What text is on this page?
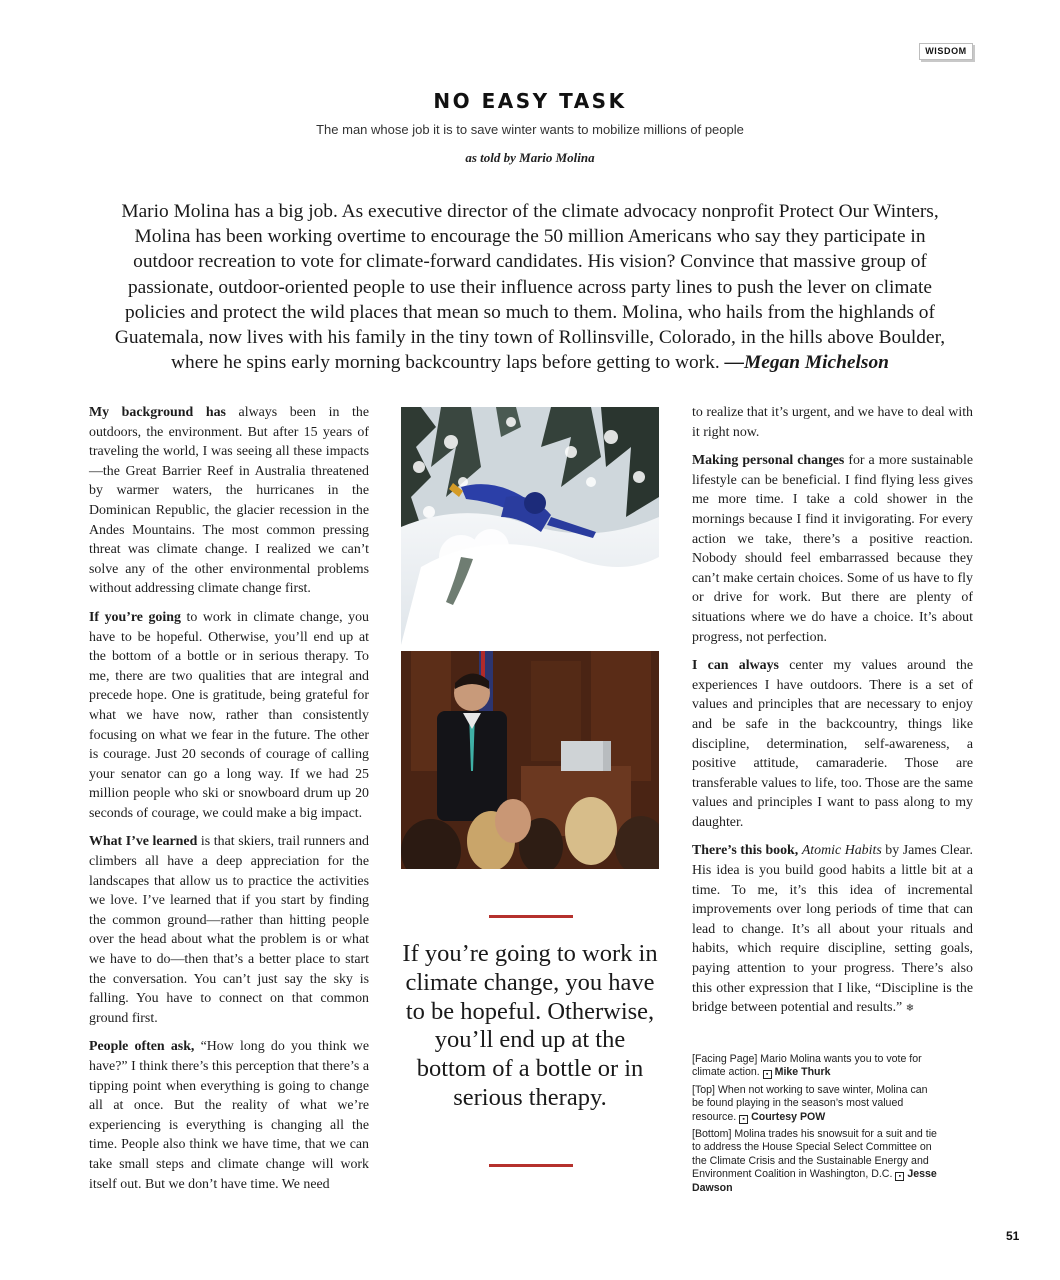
WISDOM
NO EASY TASK
The man whose job it is to save winter wants to mobilize millions of people
as told by Mario Molina
Mario Molina has a big job. As executive director of the climate advocacy nonprofit Protect Our Winters, Molina has been working overtime to encourage the 50 million Americans who say they participate in outdoor recreation to vote for climate-forward candidates. His vision? Convince that massive group of passionate, outdoor-oriented people to use their influence across party lines to push the lever on climate policies and protect the wild places that mean so much to them. Molina, who hails from the highlands of Guatemala, now lives with his family in the tiny town of Rollinsville, Colorado, in the hills above Boulder, where he spins early morning backcountry laps before getting to work. —Megan Michelson

My background has always been in the outdoors, the environment. But after 15 years of traveling the world, I was seeing all these impacts—the Great Barrier Reef in Australia threatened by warmer waters, the hurricanes in the Dominican Republic, the glacier recession in the Andes Mountains. The most common pressing threat was climate change. I realized we can’t solve any of the other environmental problems without addressing climate change first.

If you’re going to work in climate change, you have to be hopeful. Otherwise, you’ll end up at the bottom of a bottle or in serious therapy. To me, there are two qualities that are integral and precede hope. One is gratitude, being grateful for what we have now, rather than consistently focusing on what we fear in the future. The other is courage. Just 20 seconds of courage of calling your senator can go a long way. If we had 25 million people who ski or snowboard drum up 20 seconds of courage, we could make a big impact.

What I’ve learned is that skiers, trail runners and climbers all have a deep appreciation for the landscapes that allow us to practice the activities we love. I’ve learned that if you start by finding the common ground—rather than hitting people over the head about what the problem is or what we have to do—then that’s a better place to start the conversation. You can’t just say the sky is falling. You have to connect on that common ground first.

People often ask, “How long do you think we have?” I think there’s this perception that there’s a tipping point when everything is going to change all at once. But the reality of what we’re experiencing is everything is changing all the time. People also think we have time, that we can take small steps and climate change will work itself out. But we don’t have time. We need

If you’re going to work in climate change, you have to be hopeful. Otherwise, you’ll end up at the bottom of a bottle or in serious therapy.

to realize that it’s urgent, and we have to deal with it right now.

Making personal changes for a more sustainable lifestyle can be beneficial. I find flying less gives me more time. I take a cold shower in the mornings because I find it invigorating. For every action we take, there’s a positive reaction. Nobody should feel embarrassed because they can’t make certain choices. Some of us have to fly or drive for work. But there are plenty of situations where we do have a choice. It’s about progress, not perfection.

I can always center my values around the experiences I have outdoors. There is a set of values and principles that are necessary to enjoy and be safe in the backcountry, things like discipline, determination, self-awareness, a positive attitude, camaraderie. Those are transferable values to life, too. Those are the same values and principles I want to pass along to my daughter.

There’s this book, Atomic Habits by James Clear. His idea is you build good habits a little bit at a time. To me, it’s this idea of incremental improvements over long periods of time that can lead to change. It’s all about your rituals and habits, which require discipline, setting goals, paying attention to your progress. There’s also this other expression that I like, “Discipline is the bridge between potential and results.” ❄

[Facing Page] Mario Molina wants you to vote for climate action. ▪ Mike Thurk

[Top] When not working to save winter, Molina can be found playing in the season’s most valued resource. ▪ Courtesy POW

[Bottom] Molina trades his snowsuit for a suit and tie to address the House Special Select Committee on the Climate Crisis and the Sustainable Energy and Environment Coalition in Washington, D.C. ▪ Jesse Dawson

51
